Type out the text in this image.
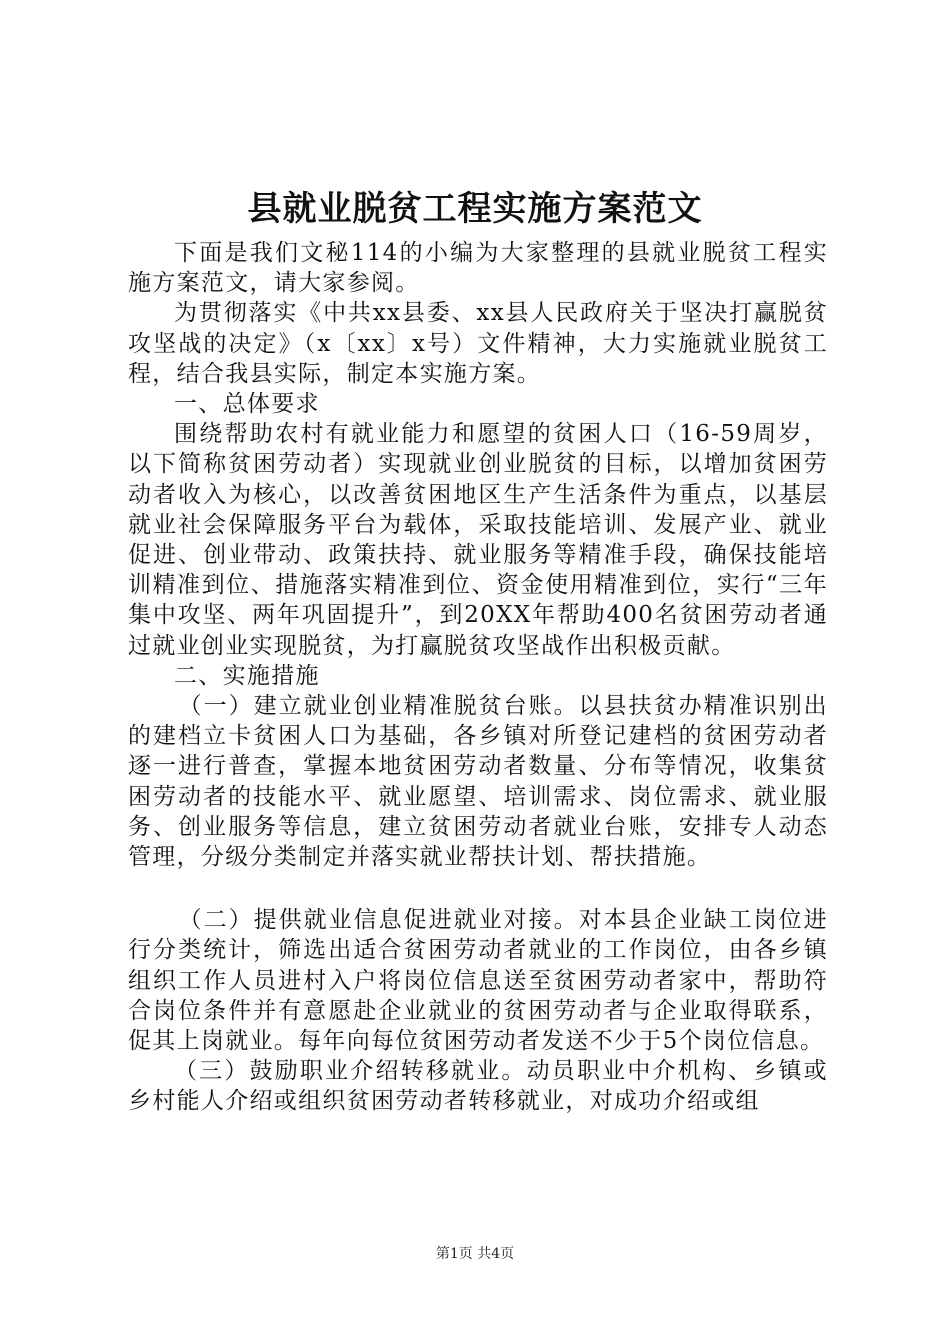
县就业脱贫工程实施方案范文

下面是我们文秘114的小编为大家整理的县就业脱贫工程实施方案范文，请大家参阅。

为贯彻落实《中共xx县委、xx县人民政府关于坚决打赢脱贫攻坚战的决定》（x〔xx〕x号）文件精神，大力实施就业脱贫工程，结合我县实际，制定本实施方案。

一、总体要求

围绕帮助农村有就业能力和愿望的贫困人口（16-59周岁，以下简称贫困劳动者）实现就业创业脱贫的目标，以增加贫困劳动者收入为核心，以改善贫困地区生产生活条件为重点，以基层就业社会保障服务平台为载体，采取技能培训、发展产业、就业促进、创业带动、政策扶持、就业服务等精准手段，确保技能培训精准到位、措施落实精准到位、资金使用精准到位，实行“三年集中攻坚、两年巩固提升”，到20XX年帮助400名贫困劳动者通过就业创业实现脱贫，为打赢脱贫攻坚战作出积极贡献。

二、实施措施

（一）建立就业创业精准脱贫台账。以县扶贫办精准识别出的建档立卡贫困人口为基础，各乡镇对所登记建档的贫困劳动者逐一进行普查，掌握本地贫困劳动者数量、分布等情况，收集贫困劳动者的技能水平、就业愿望、培训需求、岗位需求、就业服务、创业服务等信息，建立贫困劳动者就业台账，安排专人动态管理，分级分类制定并落实就业帮扶计划、帮扶措施。

（二）提供就业信息促进就业对接。对本县企业缺工岗位进行分类统计，筛选出适合贫困劳动者就业的工作岗位，由各乡镇组织工作人员进村入户将岗位信息送至贫困劳动者家中，帮助符合岗位条件并有意愿赴企业就业的贫困劳动者与企业取得联系，促其上岗就业。每年向每位贫困劳动者发送不少于5个岗位信息。

（三）鼓励职业介绍转移就业。动员职业中介机构、乡镇或乡村能人介绍或组织贫困劳动者转移就业，对成功介绍或组

第1页 共4页
